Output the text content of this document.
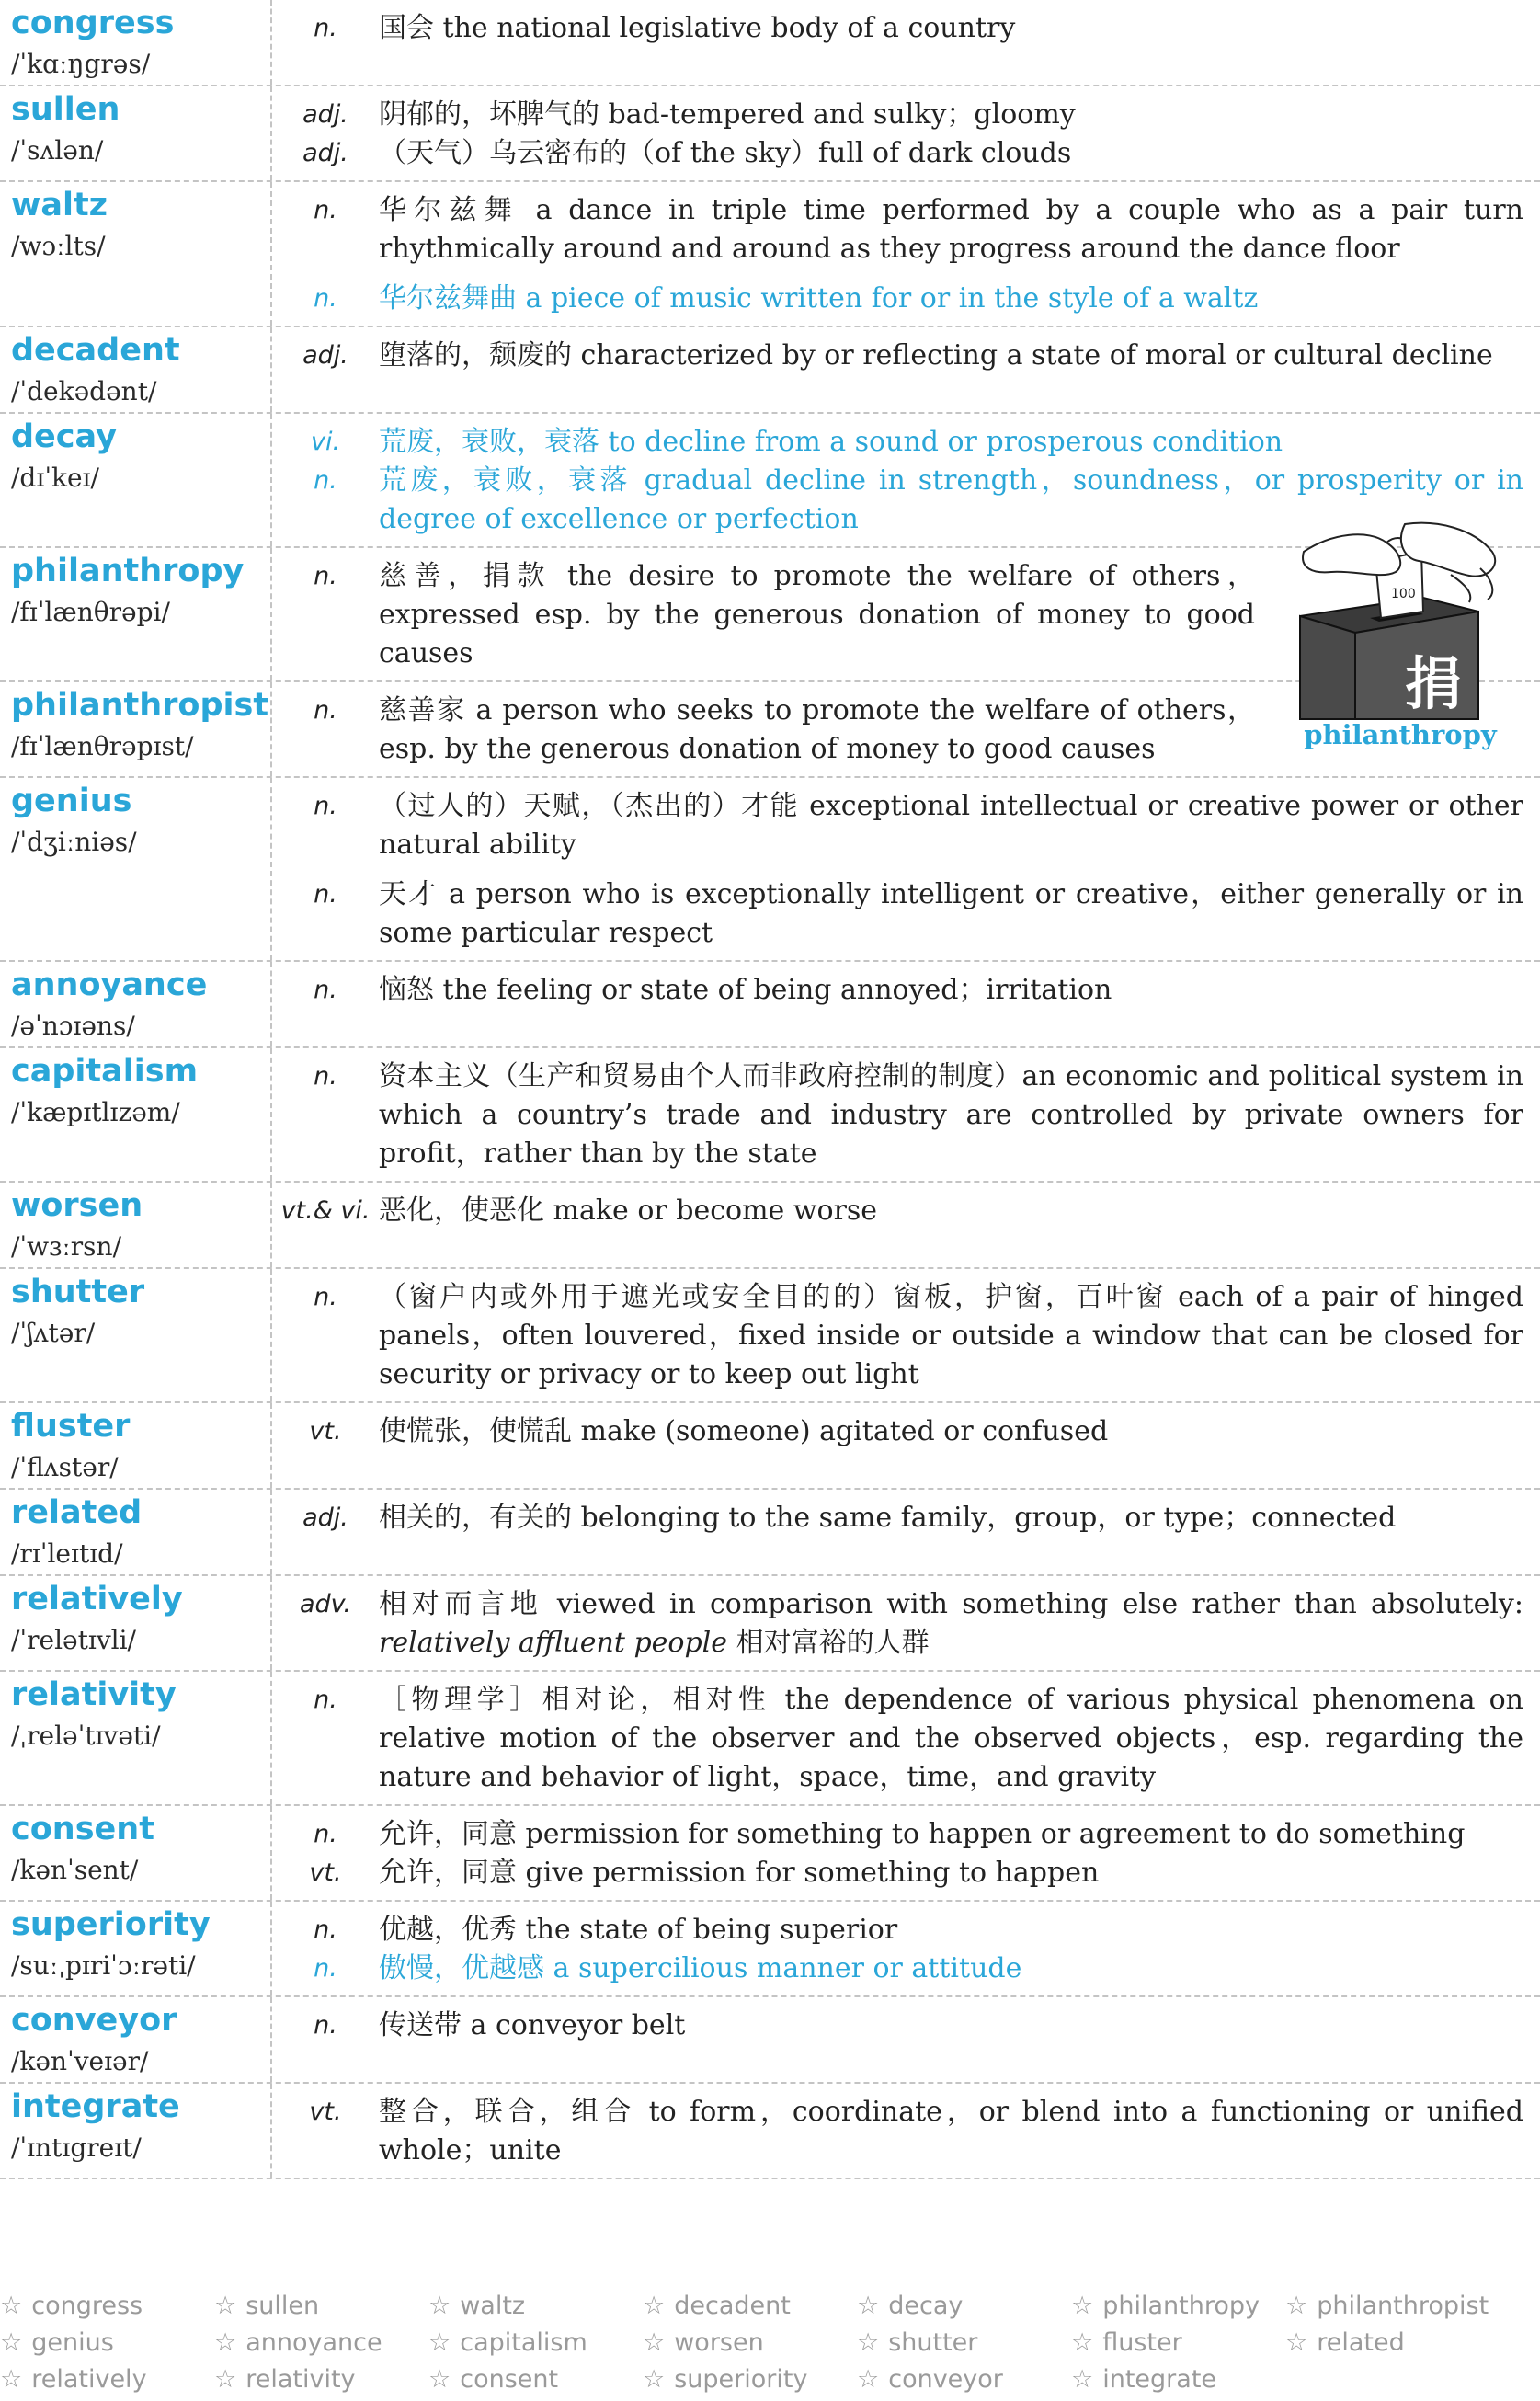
congress
/ˈkɑːŋgrəs/
n.	国会 the national legislative body of a country
sullen
/ˈsʌlən/
adj.	阴郁的，坏脾气的 bad-tempered and sulky；gloomy
adj.	（天气）乌云密布的（of the sky）full of dark clouds
waltz
/wɔːlts/
n.	华尔兹舞 a dance in triple time performed by a couple who as a pair turn rhythmically around and around as they progress around the dance floor
n.	华尔兹舞曲 a piece of music written for or in the style of a waltz
decadent
/ˈdekədənt/
adj.	堕落的，颓废的 characterized by or reflecting a state of moral or cultural decline
decay
/dɪˈkeɪ/
vi.	荒废，衰败，衰落 to decline from a sound or prosperous condition
n.	荒废，衰败，衰落 gradual decline in strength，soundness，or prosperity or in degree of excellence or perfection
philanthropy
/fɪˈlænθrəpi/
n.	慈善，捐款 the desire to promote the welfare of others，expressed esp. by the generous donation of money to good causes
philanthropist
/fɪˈlænθrəpɪst/
n.	慈善家 a person who seeks to promote the welfare of others，esp. by the generous donation of money to good causes
genius
/ˈdʒiːniəs/
n.	（过人的）天赋，（杰出的）才能 exceptional intellectual or creative power or other natural ability
n.	天才 a person who is exceptionally intelligent or creative，either generally or in some particular respect
annoyance
/əˈnɔɪəns/
n.	恼怒 the feeling or state of being annoyed；irritation
capitalism
/ˈkæpɪtlɪzəm/
n.	资本主义（生产和贸易由个人而非政府控制的制度）an economic and political system in which a country’s trade and industry are controlled by private owners for profit，rather than by the state
worsen
/ˈwɜːrsn/
vt.& vi. 恶化，使恶化 make or become worse
shutter
/ˈʃʌtər/
n.	（窗户内或外用于遮光或安全目的的）窗板，护窗，百叶窗 each of a pair of hinged panels，often louvered，fixed inside or outside a window that can be closed for security or privacy or to keep out light
fluster
/ˈflʌstər/
vt.	使慌张，使慌乱 make (someone) agitated or confused
related
/rɪˈleɪtɪd/
adj.	相关的，有关的 belonging to the same family，group，or type；connected
relatively
/ˈrelətɪvli/
adv. 相对而言地 viewed in comparison with something else rather than absolutely: relatively affluent people 相对富裕的人群
relativity
/ˌreləˈtɪvəti/
n.	［物理学］相对论，相对性 the dependence of various physical phenomena on relative motion of the observer and the observed objects，esp. regarding the nature and behavior of light，space，time，and gravity
consent
/kənˈsent/
n.	允许，同意 permission for something to happen or agreement to do something
vt.	允许，同意 give permission for something to happen
superiority
/suːˌpɪriˈɔːrəti/
n.	优越，优秀 the state of being superior
n.	傲慢，优越感 a supercilious manner or attitude
conveyor
/kənˈveɪər/
n.	传送带 a conveyor belt
integrate
/ˈɪntɪgreɪt/
vt.	整合，联合，组合 to form，coordinate，or blend into a functioning or unified whole；unite
100
捐
philanthropy
☆ congress	☆ sullen	☆ waltz	☆ decadent	☆ decay	☆ philanthropy	☆ philanthropist
☆ genius	☆ annoyance	☆ capitalism	☆ worsen	☆ shutter	☆ fluster	☆ related
☆ relatively	☆ relativity	☆ consent	☆ superiority	☆ conveyor	☆ integrate
